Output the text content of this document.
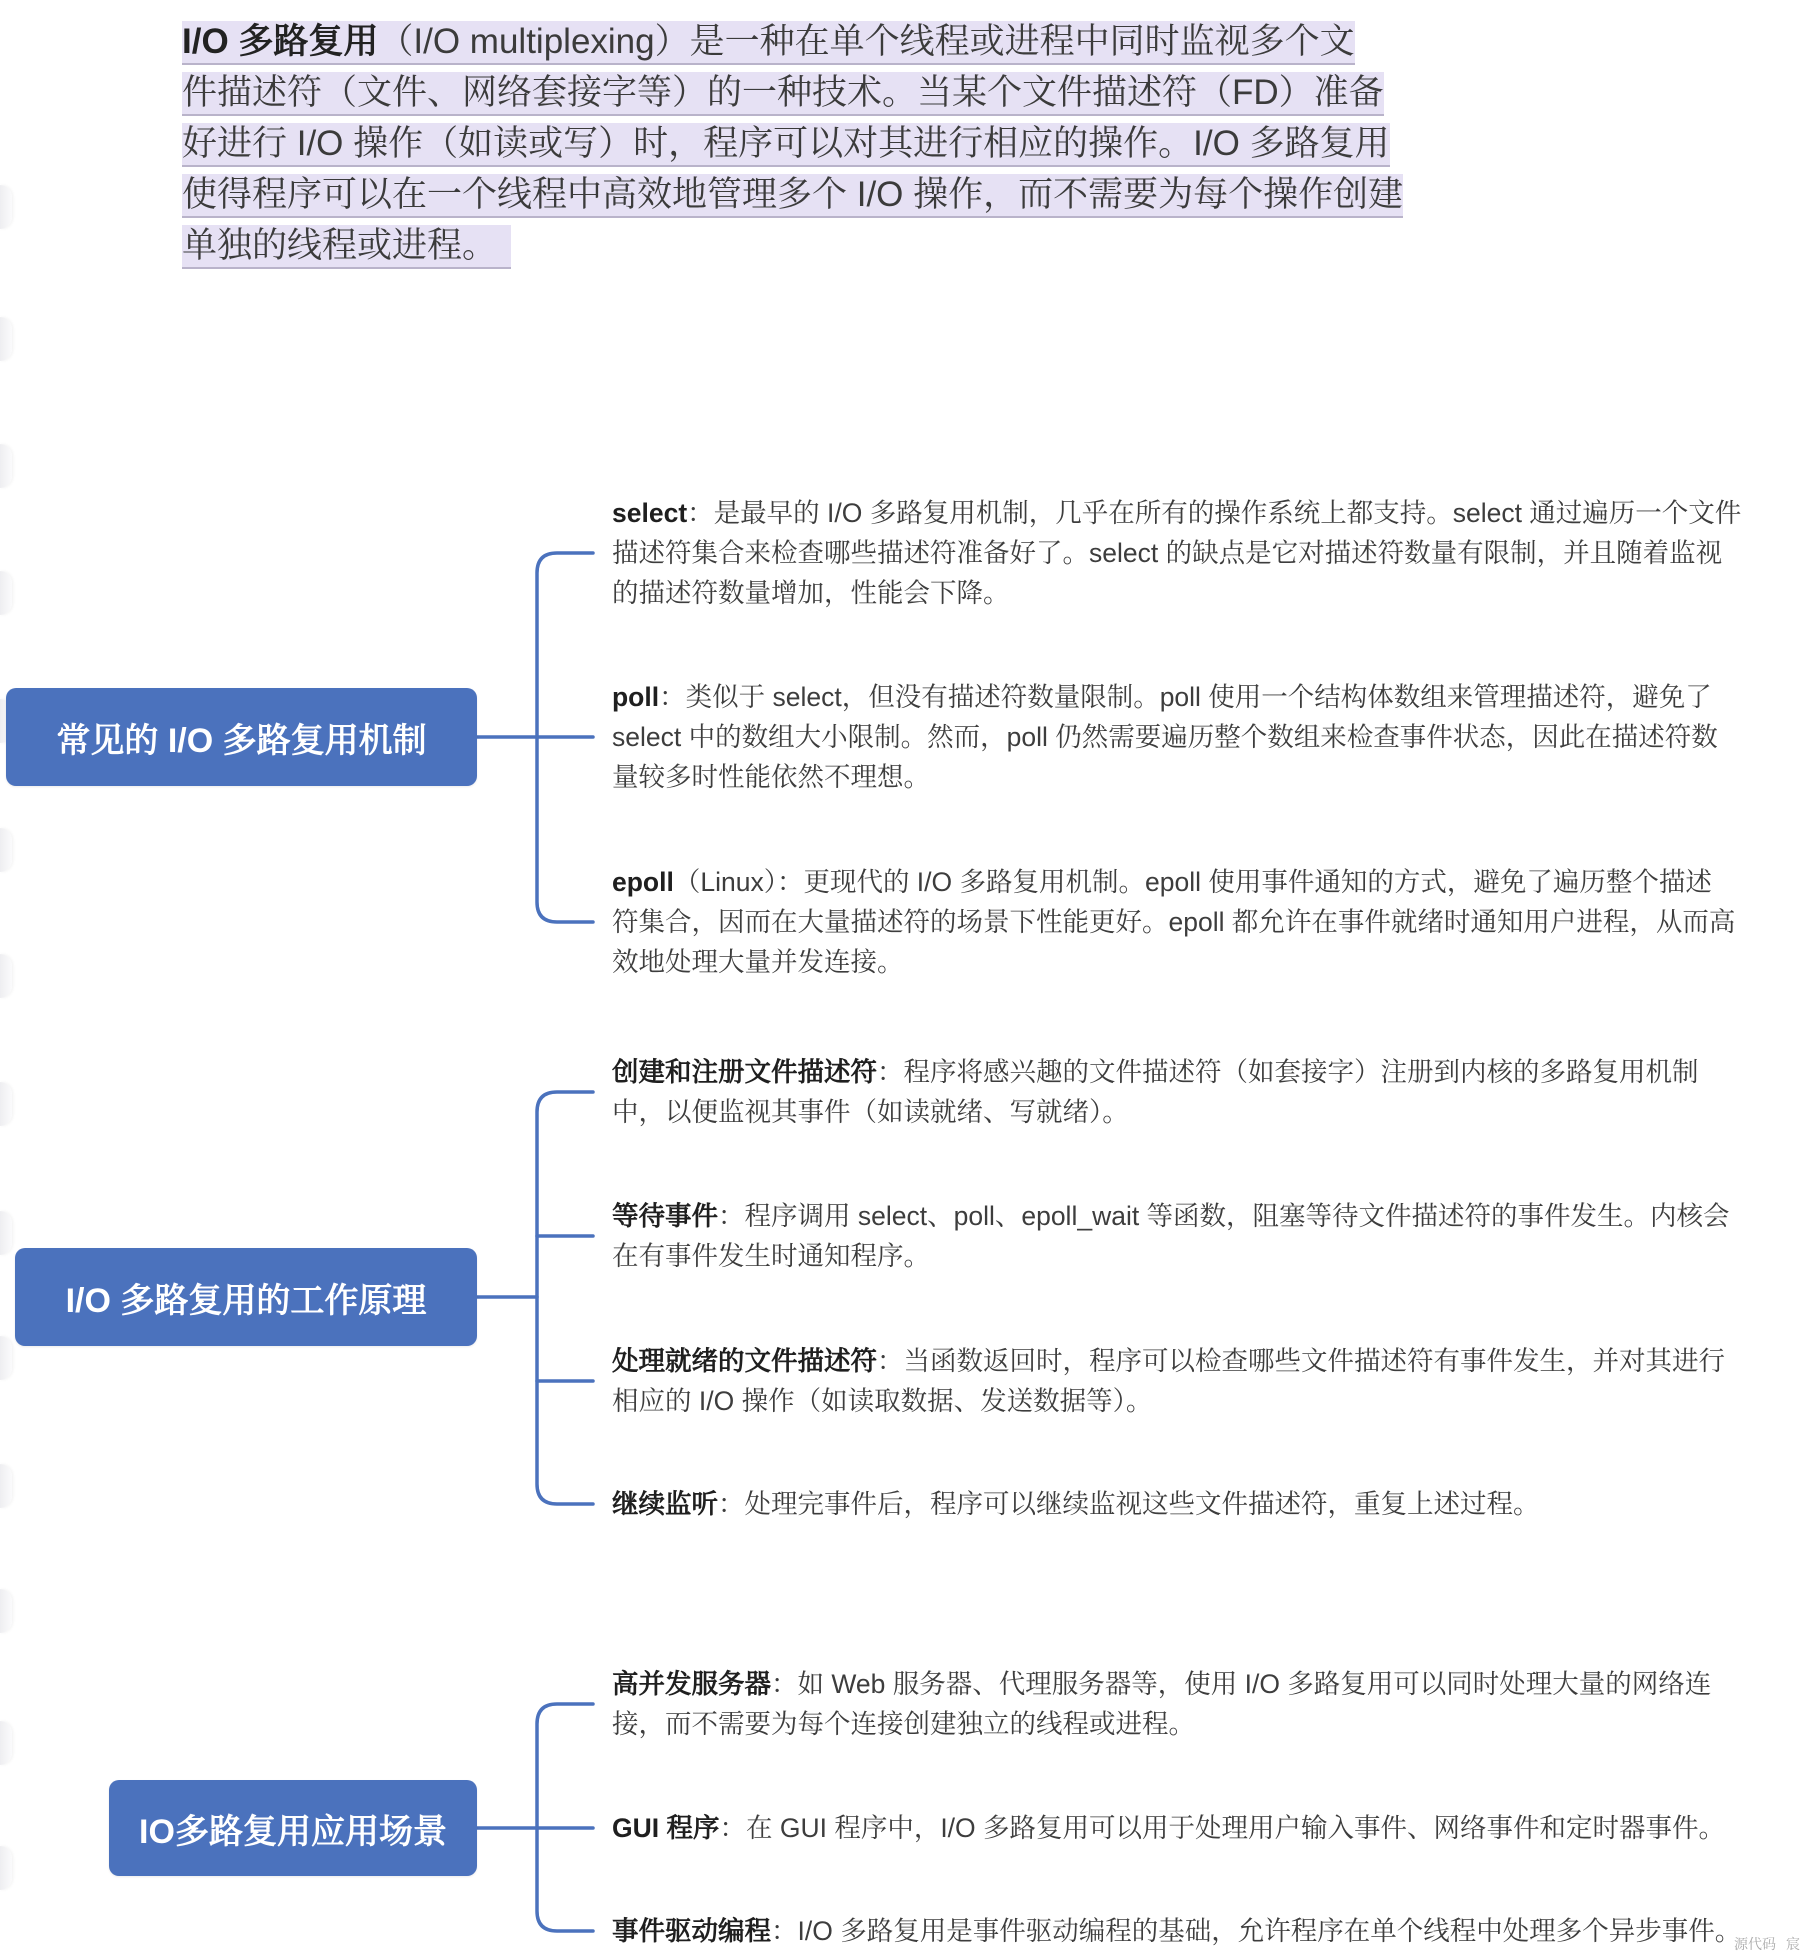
I/O 多路复用（I/O multiplexing）是一种在单个线程或进程中同时监视多个文
件描述符（文件、网络套接字等）的一种技术。当某个文件描述符（FD）准备
好进行 I/O 操作（如读或写）时，程序可以对其进行相应的操作。I/O 多路复用
使得程序可以在一个线程中高效地管理多个 I/O 操作，而不需要为每个操作创建
单独的线程或进程。
常见的 I/O 多路复用机制
I/O 多路复用的工作原理
IO多路复用应用场景
select：是最早的 I/O 多路复用机制，几乎在所有的操作系统上都支持。select 通过遍历一个文件
描述符集合来检查哪些描述符准备好了。select 的缺点是它对描述符数量有限制，并且随着监视
的描述符数量增加，性能会下降。
poll：类似于 select，但没有描述符数量限制。poll 使用一个结构体数组来管理描述符，避免了
select 中的数组大小限制。然而，poll 仍然需要遍历整个数组来检查事件状态，因此在描述符数
量较多时性能依然不理想。
epoll（Linux）：更现代的 I/O 多路复用机制。epoll 使用事件通知的方式，避免了遍历整个描述
符集合，因而在大量描述符的场景下性能更好。epoll 都允许在事件就绪时通知用户进程，从而高
效地处理大量并发连接。
创建和注册文件描述符：程序将感兴趣的文件描述符（如套接字）注册到内核的多路复用机制
中，以便监视其事件（如读就绪、写就绪）。
等待事件：程序调用 select、poll、epoll_wait 等函数，阻塞等待文件描述符的事件发生。内核会
在有事件发生时通知程序。
处理就绪的文件描述符：当函数返回时，程序可以检查哪些文件描述符有事件发生，并对其进行
相应的 I/O 操作（如读取数据、发送数据等）。
继续监听：处理完事件后，程序可以继续监视这些文件描述符，重复上述过程。
高并发服务器：如 Web 服务器、代理服务器等，使用 I/O 多路复用可以同时处理大量的网络连
接，而不需要为每个连接创建独立的线程或进程。
GUI 程序：在 GUI 程序中，I/O 多路复用可以用于处理用户输入事件、网络事件和定时器事件。
事件驱动编程：I/O 多路复用是事件驱动编程的基础，允许程序在单个线程中处理多个异步事件。
源代码 宸
